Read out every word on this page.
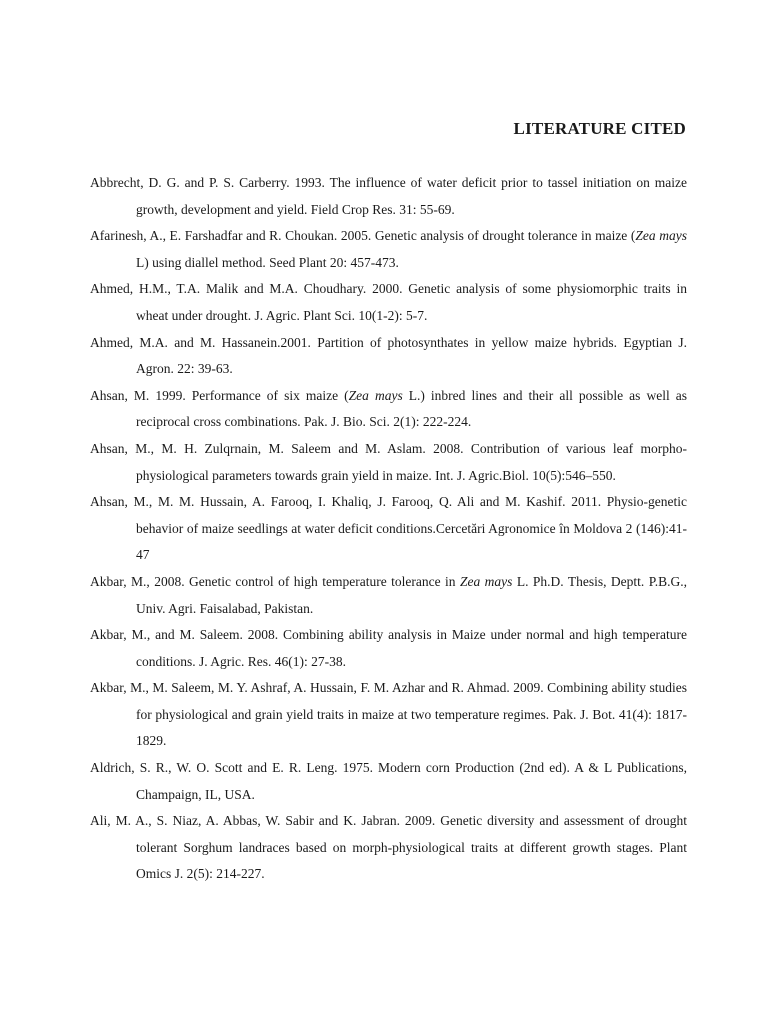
LITERATURE CITED
Abbrecht, D. G. and P. S. Carberry. 1993. The influence of water deficit prior to tassel initiation on maize growth, development and yield. Field Crop Res. 31: 55-69.
Afarinesh, A., E. Farshadfar and R. Choukan. 2005. Genetic analysis of drought tolerance in maize (Zea mays L) using diallel method. Seed Plant 20: 457-473.
Ahmed, H.M., T.A. Malik and M.A. Choudhary. 2000. Genetic analysis of some physiomorphic traits in wheat under drought. J. Agric. Plant Sci. 10(1-2): 5-7.
Ahmed, M.A. and M. Hassanein.2001. Partition of photosynthates in yellow maize hybrids. Egyptian J. Agron. 22: 39-63.
Ahsan, M. 1999. Performance of six maize (Zea mays L.) inbred lines and their all possible as well as reciprocal cross combinations. Pak. J. Bio. Sci. 2(1): 222-224.
Ahsan, M., M. H. Zulqrnain, M. Saleem and M. Aslam. 2008. Contribution of various leaf morpho-physiological parameters towards grain yield in maize. Int. J. Agric.Biol. 10(5):546–550.
Ahsan, M., M. M. Hussain, A. Farooq, I. Khaliq, J. Farooq, Q. Ali and M. Kashif. 2011. Physio-genetic behavior of maize seedlings at water deficit conditions.Cercetări Agronomice în Moldova 2 (146):41-47
Akbar, M., 2008. Genetic control of high temperature tolerance in Zea mays L. Ph.D. Thesis, Deptt. P.B.G., Univ. Agri. Faisalabad, Pakistan.
Akbar, M., and M. Saleem. 2008. Combining ability analysis in Maize under normal and high temperature conditions. J. Agric. Res. 46(1): 27-38.
Akbar, M., M. Saleem, M. Y. Ashraf, A. Hussain, F. M. Azhar and R. Ahmad. 2009. Combining ability studies for physiological and grain yield traits in maize at two temperature regimes. Pak. J. Bot. 41(4): 1817-1829.
Aldrich, S. R., W. O. Scott and E. R. Leng. 1975. Modern corn Production (2nd ed). A & L Publications, Champaign, IL, USA.
Ali, M. A., S. Niaz, A. Abbas, W. Sabir and K. Jabran. 2009. Genetic diversity and assessment of drought tolerant Sorghum landraces based on morph-physiological traits at different growth stages. Plant Omics J. 2(5): 214-227.
